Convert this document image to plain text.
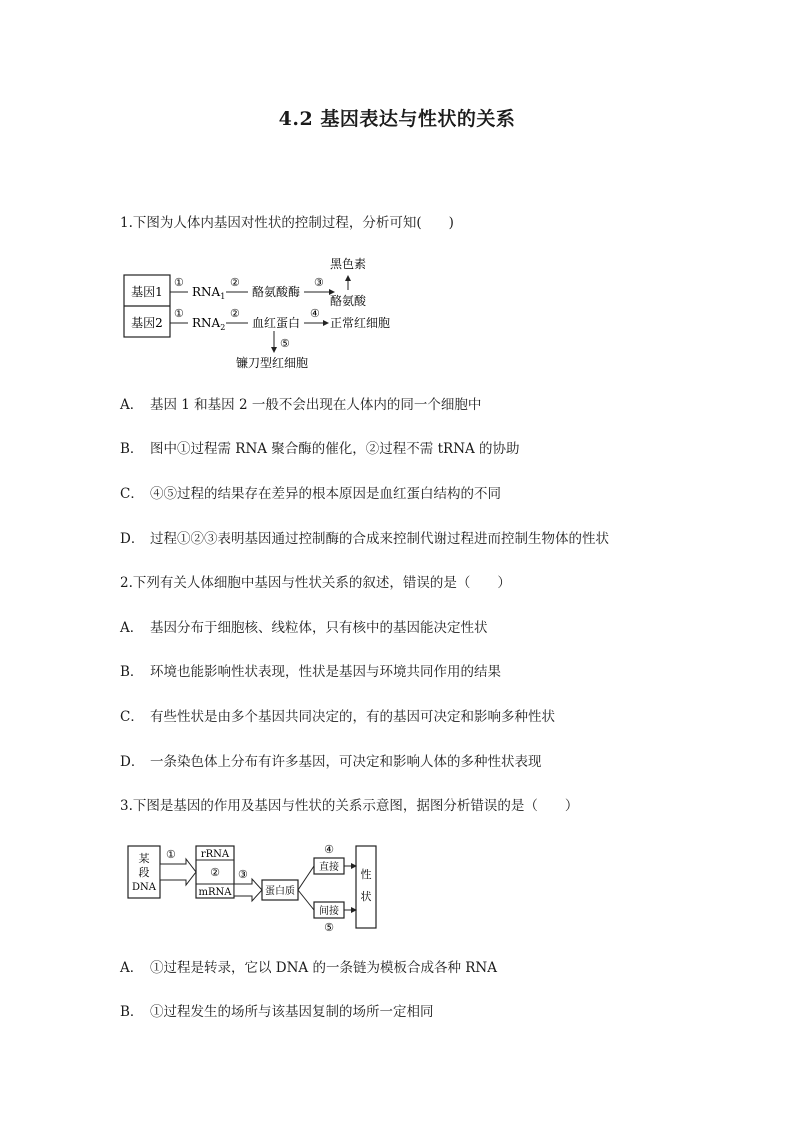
4.2 基因表达与性状的关系
1.下图为人体内基因对性状的控制过程，分析可知(　　)
基因1
基因2
①
①
$RNA_1$
$RNA_2$
②
②
酪氨酸酶
血红蛋白
③
黑色素
酪氨酸
④
正常红细胞
⑤
镰刀型红细胞
A． 基因 1 和基因 2 一般不会出现在人体内的同一个细胞中
B． 图中①过程需 RNA 聚合酶的催化，②过程不需 tRNA 的协助
C． ④⑤过程的结果存在差异的根本原因是血红蛋白结构的不同
D． 过程①②③表明基因通过控制酶的合成来控制代谢过程进而控制生物体的性状
2.下列有关人体细胞中基因与性状关系的叙述，错误的是（　　）
A． 基因分布于细胞核、线粒体，只有核中的基因能决定性状
B． 环境也能影响性状表现，性状是基因与环境共同作用的结果
C． 有些性状是由多个基因共同决定的，有的基因可决定和影响多种性状
D． 一条染色体上分布有许多基因，可决定和影响人体的多种性状表现
3.下图是基因的作用及基因与性状的关系示意图，据图分析错误的是（　　）
某
段
DNA
① rRNA
②
mRNA
③
蛋白质
直接
间接
④
⑤
性
状
A． ①过程是转录，它以 DNA 的一条链为模板合成各种 RNA
B． ①过程发生的场所与该基因复制的场所一定相同
